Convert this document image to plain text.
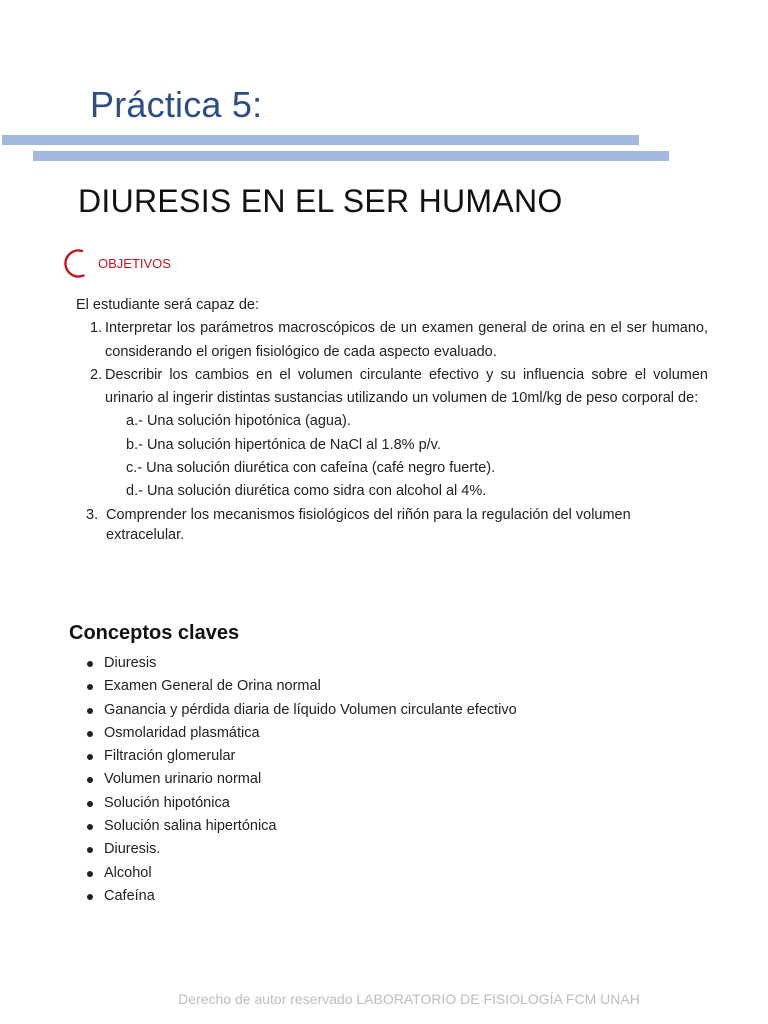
Práctica 5:
DIURESIS EN EL SER HUMANO
OBJETIVOS

El estudiante será capaz de:

1. Interpretar los parámetros macroscópicos de un examen general de orina en el ser humano, considerando el origen fisiológico de cada aspecto evaluado.
2. Describir los cambios en el volumen circulante efectivo y su influencia sobre el volumen urinario al ingerir distintas sustancias utilizando un volumen de 10ml/kg de peso corporal de:
a.- Una solución hipotónica (agua).
b.- Una solución hipertónica de NaCl al 1.8% p/v.
c.- Una solución diurética con cafeína (café negro fuerte).
d.- Una solución diurética como sidra con alcohol al 4%.
3. Comprender los mecanismos fisiológicos del riñón para la regulación del volumen extracelular.
Conceptos claves
Diuresis
Examen General de Orina normal
Ganancia y pérdida diaria de líquido Volumen circulante efectivo
Osmolaridad plasmática
Filtración glomerular
Volumen urinario normal
Solución hipotónica
Solución salina hipertónica
Diuresis.
Alcohol
Cafeína
Derecho de autor reservado LABORATORIO DE FISIOLOGÍA FCM UNAH
